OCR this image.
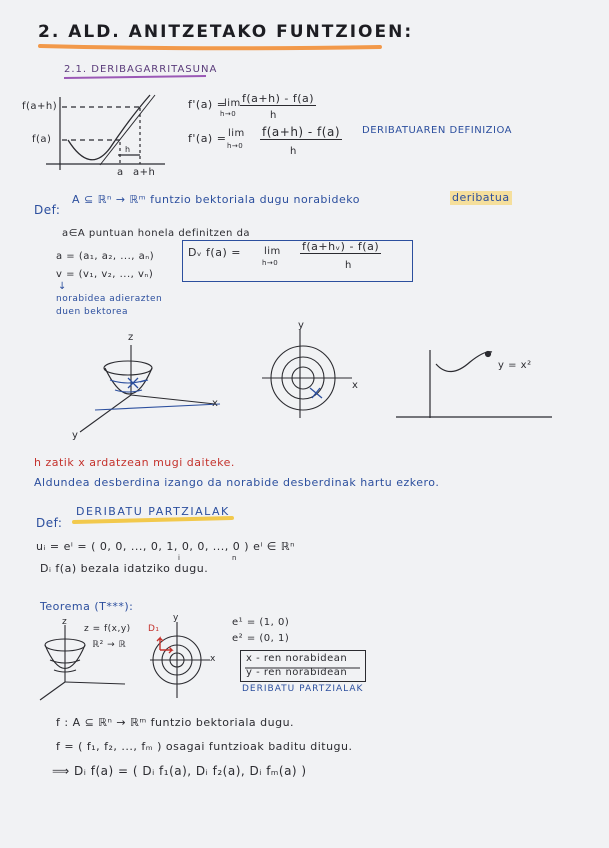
2. ALD. ANITZETAKO FUNTZIOEN:
2.1. DERIBAGARRITASUNA
f(a+h)
f(a)
a a+h
h
f'(a) =
lim
h→0
f(a+h) - f(a)
h
f'(a) = lim
h→0
f(a+h) - f(a)
h
DERIBATUAREN DEFINIZIOA
Def:
A ⊆ ℝⁿ → ℝᵐ funtzio bektoriala dugu norabideko	deribatua
a∈A puntuan honela definitzen da
a = (a₁, a₂, ..., aₙ)
v = (v₁, v₂, ..., vₙ)
↓
norabidea adierazten
duen bektorea
Dᵥ f(a) = lim
h→0
f(a+hᵥ) - f(a)
h
z
x
y
y
x
y = x²
h zatik x ardatzean mugi daiteke.
Aldundea desberdina izango da norabide desberdinak hartu ezkero.
Def:
DERIBATU PARTZIALAK
uᵢ = eⁱ = ( 0, 0, ..., 0, 1, 0, 0, ..., 0 ) eⁱ ∈ ℝⁿ
i	n
Dᵢ f(a) bezala idatziko dugu.
Teorema (T***):
z
z = f(x,y)
ℝ² → ℝ
D₁
y
x
e¹ = (1, 0)
e² = (0, 1)
x - ren norabidean
y - ren norabidean
DERIBATU PARTZIALAK
f : A ⊆ ℝⁿ → ℝᵐ funtzio bektoriala dugu.
f = ( f₁, f₂, ..., fₘ ) osagai funtzioak baditu ditugu.
⟹ Dᵢ f(a) = ( Dᵢ f₁(a), Dᵢ f₂(a), Dᵢ fₘ(a) )
